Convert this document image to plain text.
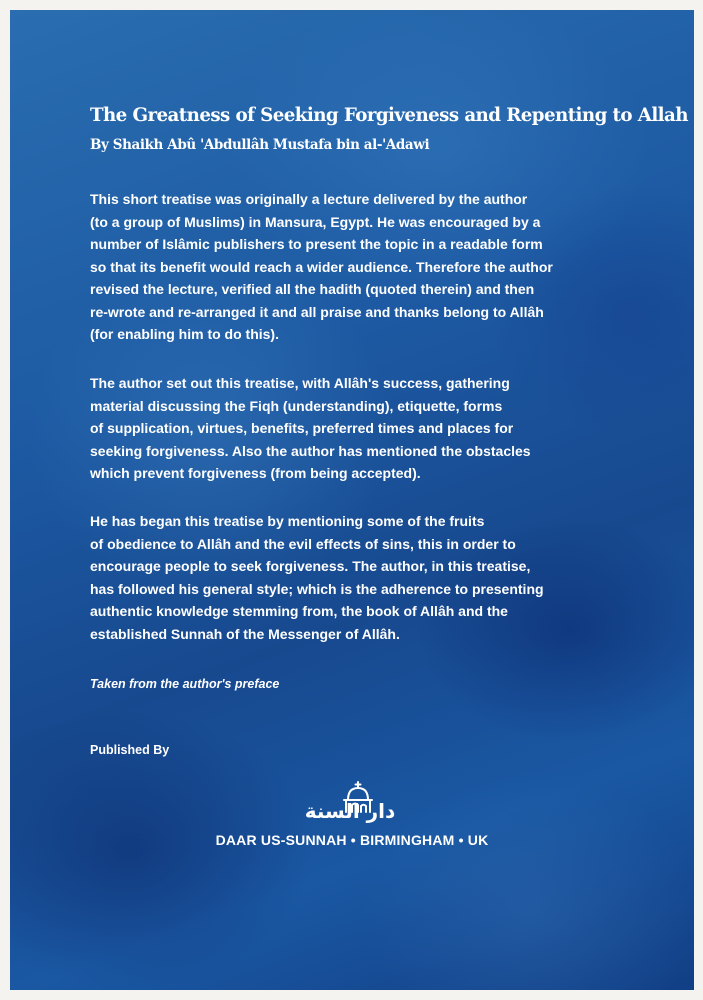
The Greatness of Seeking Forgiveness and Repenting to Allah

By Shaikh Abû 'Abdullâh Mustafa bin al-'Adawi

This short treatise was originally a lecture delivered by the author
(to a group of Muslims) in Mansura, Egypt. He was encouraged by a
number of Islâmic publishers to present the topic in a readable form
so that its benefit would reach a wider audience. Therefore the author
revised the lecture, verified all the hadith (quoted therein) and then
re-wrote and re-arranged it and all praise and thanks belong to Allâh
(for enabling him to do this).

The author set out this treatise, with Allâh's success, gathering
material discussing the Fiqh (understanding), etiquette, forms
of supplication, virtues, benefits, preferred times and places for
seeking forgiveness. Also the author has mentioned the obstacles
which prevent forgiveness (from being accepted).

He has began this treatise by mentioning some of the fruits
of obedience to Allâh and the evil effects of sins, this in order to
encourage people to seek forgiveness. The author, in this treatise,
has followed his general style; which is the adherence to presenting
authentic knowledge stemming from, the book of Allâh and the
established Sunnah of the Messenger of Allâh.

Taken from the author's preface

Published By

دار السنة

DAAR US-SUNNAH • BIRMINGHAM • UK
